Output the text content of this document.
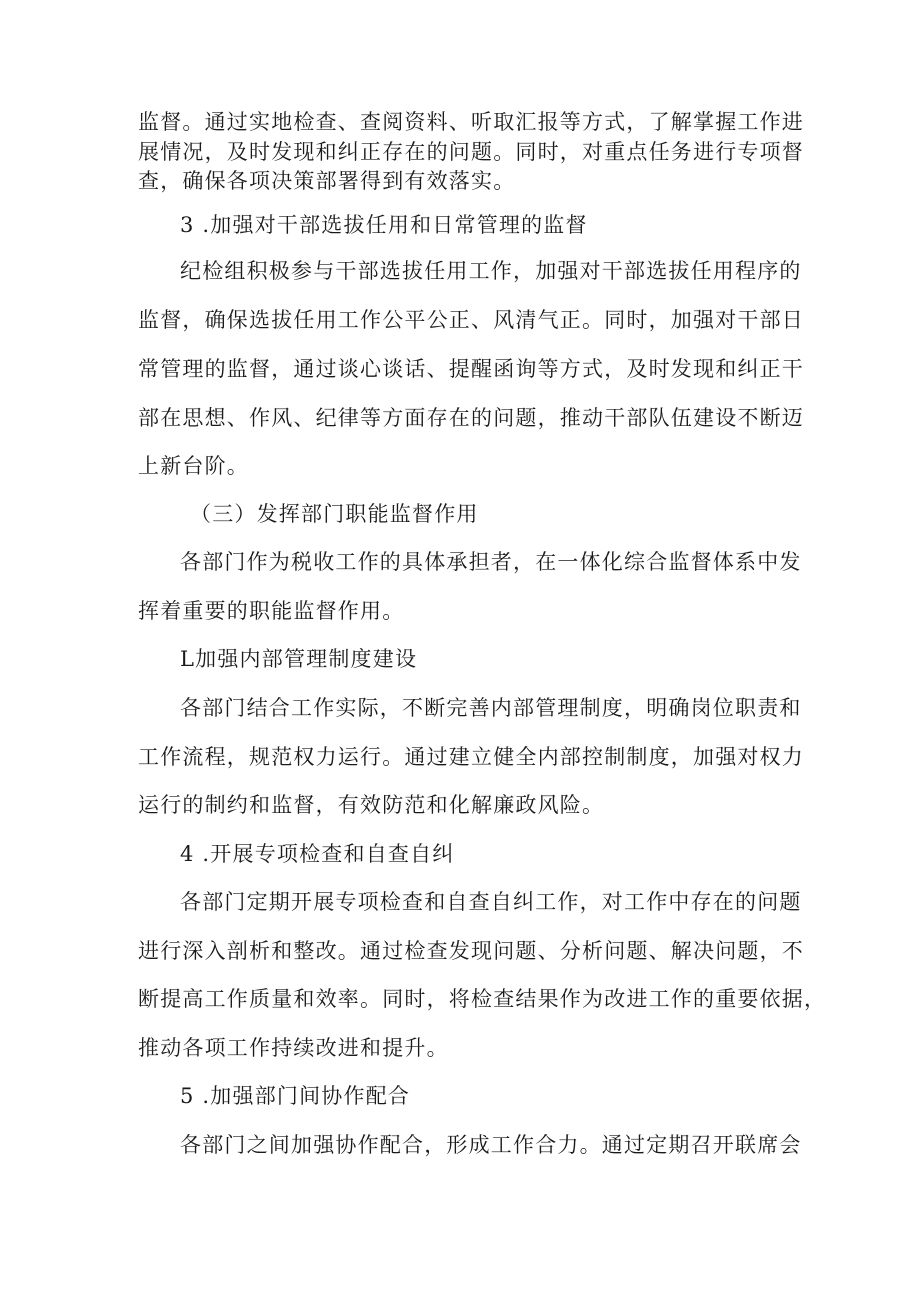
监督。通过实地检查、查阅资料、听取汇报等方式，了解掌握工作进
展情况，及时发现和纠正存在的问题。同时，对重点任务进行专项督
查，确保各项决策部署得到有效落实。
3 .加强对干部选拔任用和日常管理的监督
纪检组积极参与干部选拔任用工作，加强对干部选拔任用程序的
监督，确保选拔任用工作公平公正、风清气正。同时，加强对干部日
常管理的监督，通过谈心谈话、提醒函询等方式，及时发现和纠正干
部在思想、作风、纪律等方面存在的问题，推动干部队伍建设不断迈
上新台阶。
（三）发挥部门职能监督作用
各部门作为税收工作的具体承担者，在一体化综合监督体系中发
挥着重要的职能监督作用。
L加强内部管理制度建设
各部门结合工作实际，不断完善内部管理制度，明确岗位职责和
工作流程，规范权力运行。通过建立健全内部控制制度，加强对权力
运行的制约和监督，有效防范和化解廉政风险。
4 .开展专项检查和自查自纠
各部门定期开展专项检查和自查自纠工作，对工作中存在的问题
进行深入剖析和整改。通过检查发现问题、分析问题、解决问题，不
断提高工作质量和效率。同时，将检查结果作为改进工作的重要依据，
推动各项工作持续改进和提升。
5 .加强部门间协作配合
各部门之间加强协作配合，形成工作合力。通过定期召开联席会
